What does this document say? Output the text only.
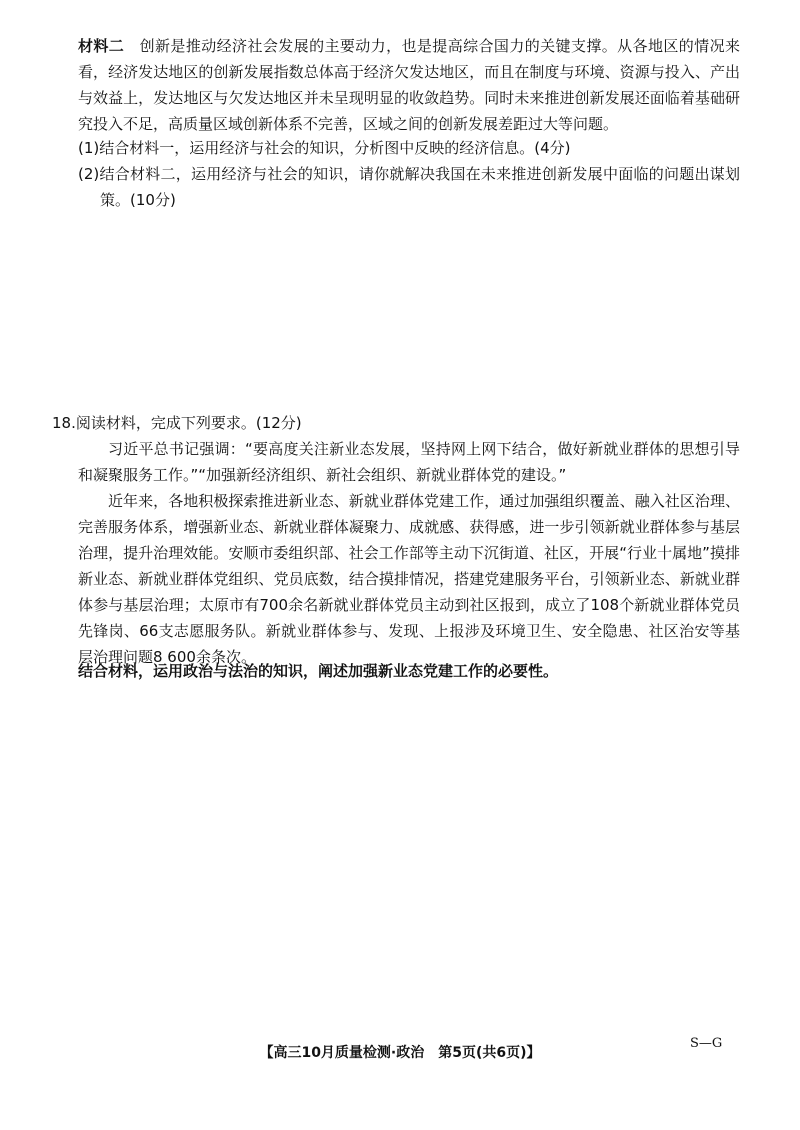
材料二　创新是推动经济社会发展的主要动力，也是提高综合国力的关键支撑。从各地区的情况来看，经济发达地区的创新发展指数总体高于经济欠发达地区，而且在制度与环境、资源与投入、产出与效益上，发达地区与欠发达地区并未呈现明显的收敛趋势。同时未来推进创新发展还面临着基础研究投入不足，高质量区域创新体系不完善，区域之间的创新发展差距过大等问题。
(1)结合材料一，运用经济与社会的知识，分析图中反映的经济信息。(4分)
(2)结合材料二，运用经济与社会的知识，请你就解决我国在未来推进创新发展中面临的问题出谋划策。(10分)
18.阅读材料，完成下列要求。(12分)
习近平总书记强调：“要高度关注新业态发展，坚持网上网下结合，做好新就业群体的思想引导和凝聚服务工作。”“加强新经济组织、新社会组织、新就业群体党的建设。”
近年来，各地积极探索推进新业态、新就业群体党建工作，通过加强组织覆盖、融入社区治理、完善服务体系，增强新业态、新就业群体凝聚力、成就感、获得感，进一步引领新就业群体参与基层治理，提升治理效能。安顺市委组织部、社会工作部等主动下沉街道、社区，开展“行业十属地”摸排新业态、新就业群体党组织、党员底数，结合摸排情况，搭建党建服务平台，引领新业态、新就业群体参与基层治理；太原市有700余名新就业群体党员主动到社区报到，成立了108个新就业群体党员先锋岗、66支志愿服务队。新就业群体参与、发现、上报涉及环境卫生、安全隐患、社区治安等基层治理问题8 600余条次。
结合材料，运用政治与法治的知识，阐述加强新业态党建工作的必要性。
【高三10月质量检测·政治　第5页(共6页)】
S—G
